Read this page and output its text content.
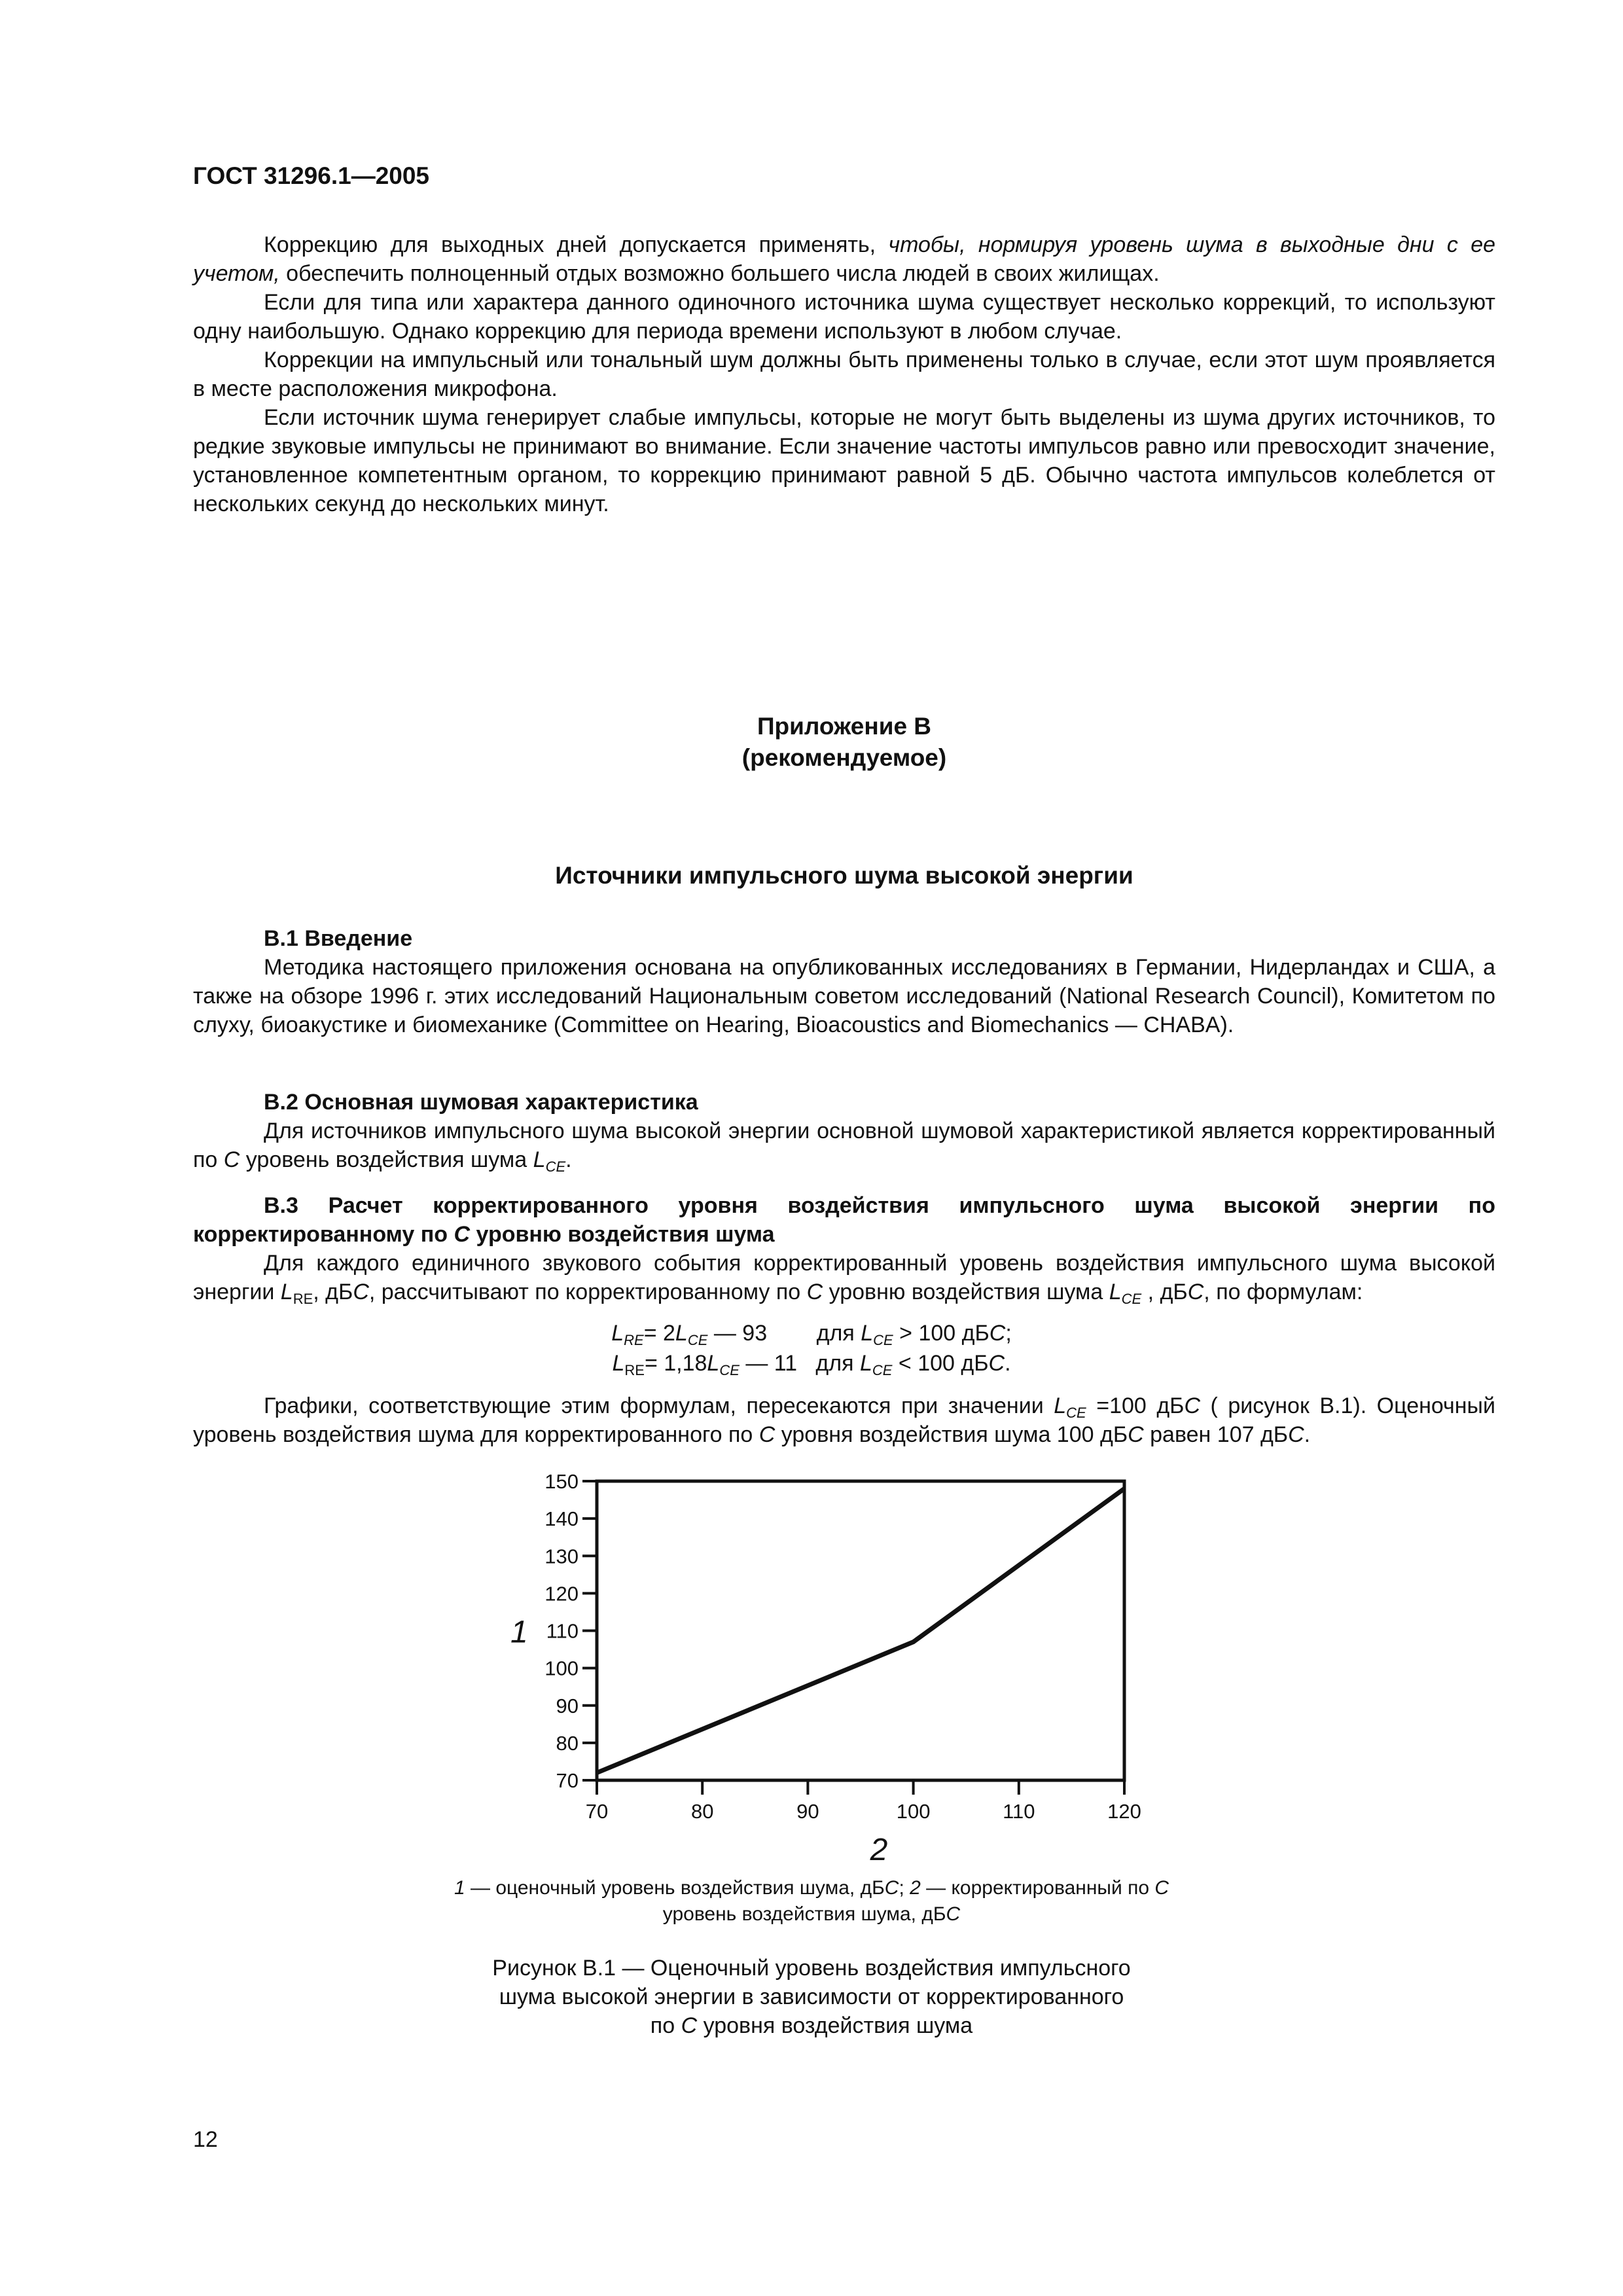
ГОСТ 31296.1—2005

Коррекцию для выходных дней допускается применять, чтобы, нормируя уровень шума в выходные дни с ее учетом, обеспечить полноценный отдых возможно большего числа людей в своих жилищах.

Если для типа или характера данного одиночного источника шума существует несколько коррекций, то используют одну наибольшую. Однако коррекцию для периода времени используют в любом случае.

Коррекции на импульсный или тональный шум должны быть применены только в случае, если этот шум проявляется в месте расположения микрофона.

Если источник шума генерирует слабые импульсы, которые не могут быть выделены из шума других источников, то редкие звуковые импульсы не принимают во внимание. Если значение частоты импульсов равно или превосходит значение, установленное компетентным органом, то коррекцию принимают равной 5 дБ. Обычно частота импульсов колеблется от нескольких секунд до нескольких минут.

Приложение В
(рекомендуемое)
Источники импульсного шума высокой энергии

В.1 Введение

Методика настоящего приложения основана на опубликованных исследованиях в Германии, Нидерландах и США, а также на обзоре 1996 г. этих исследований Национальным советом исследований (National Research Council), Комитетом по слуху, биоакустике и биомеханике (Committee on Hearing, Bioacoustics and Biomechanics — CHABA).

В.2 Основная шумовая характеристика

Для источников импульсного шума высокой энергии основной шумовой характеристикой является корректированный по C уровень воздействия шума $L_{CE}$.

В.3 Расчет корректированного уровня воздействия импульсного шума высокой энергии по корректированному по C уровню воздействия шума

Для каждого единичного звукового события корректированный уровень воздействия импульсного шума высокой энергии $L_{RE}$, дБC, рассчитывают по корректированному по C уровню воздействия шума $L_{CE}$ , дБC, по формулам:

$L_{RE}= 2L_{CE}$ — 93        для $L_{CE} > 100$ дБC;
$L_{RE}= 1,18L_{CE}$ — 11   для $L_{CE} < 100$ дБC.

Графики, соответствующие этим формулам, пересекаются при значении $L_{CE} =100$ дБC ( рисунок В.1). Оценочный уровень воздействия шума для корректированного по C уровня воздействия шума 100 дБC равен 107 дБC.

70
80
90
100
110
120
130
140
150
70	80	90	100	110	120
1
2
1 — оценочный уровень воздействия шума, дБC; 2 — корректированный по C уровень воздействия шума, дБC
Рисунок В.1 — Оценочный уровень воздействия импульсного
шума высокой энергии в зависимости от корректированного
по C уровня воздействия шума
12
